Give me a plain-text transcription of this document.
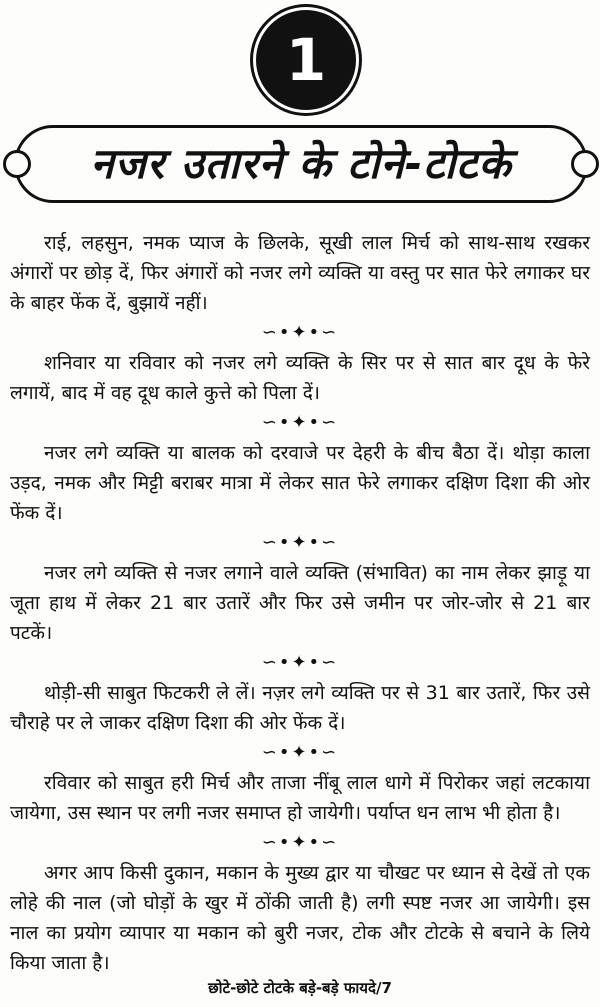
1
नजर उतारने के टोने-टोटके

राई, लहसुन, नमक प्याज के छिलके, सूखी लाल मिर्च को साथ-साथ रखकर अंगारों पर छोड़ दें, फिर अंगारों को नजर लगे व्यक्ति या वस्तु पर सात फेरे लगाकर घर के बाहर फेंक दें, बुझायें नहीं।

∽•✦•∽

शनिवार या रविवार को नजर लगे व्यक्ति के सिर पर से सात बार दूध के फेरे लगायें, बाद में वह दूध काले कुत्ते को पिला दें।

∽•✦•∽

नजर लगे व्यक्ति या बालक को दरवाजे पर देहरी के बीच बैठा दें। थोड़ा काला उड़द, नमक और मिट्टी बराबर मात्रा में लेकर सात फेरे लगाकर दक्षिण दिशा की ओर फेंक दें।

∽•✦•∽

नजर लगे व्यक्ति से नजर लगाने वाले व्यक्ति (संभावित) का नाम लेकर झाड़ू या जूता हाथ में लेकर 21 बार उतारें और फिर उसे जमीन पर जोर-जोर से 21 बार पटकें।

∽•✦•∽

थोड़ी-सी साबुत फिटकरी ले लें। नज़र लगे व्यक्ति पर से 31 बार उतारें, फिर उसे चौराहे पर ले जाकर दक्षिण दिशा की ओर फेंक दें।

∽•✦•∽

रविवार को साबुत हरी मिर्च और ताजा नींबू लाल धागे में पिरोकर जहां लटकाया जायेगा, उस स्थान पर लगी नजर समाप्त हो जायेगी। पर्याप्त धन लाभ भी होता है।

∽•✦•∽

अगर आप किसी दुकान, मकान के मुख्य द्वार या चौखट पर ध्यान से देखें तो एक लोहे की नाल (जो घोड़ों के खुर में ठोंकी जाती है) लगी स्पष्ट नजर आ जायेगी। इस नाल का प्रयोग व्यापार या मकान को बुरी नजर, टोक और टोटके से बचाने के लिये किया जाता है।

छोटे-छोटे टोटके बड़े-बड़े फायदे/7
